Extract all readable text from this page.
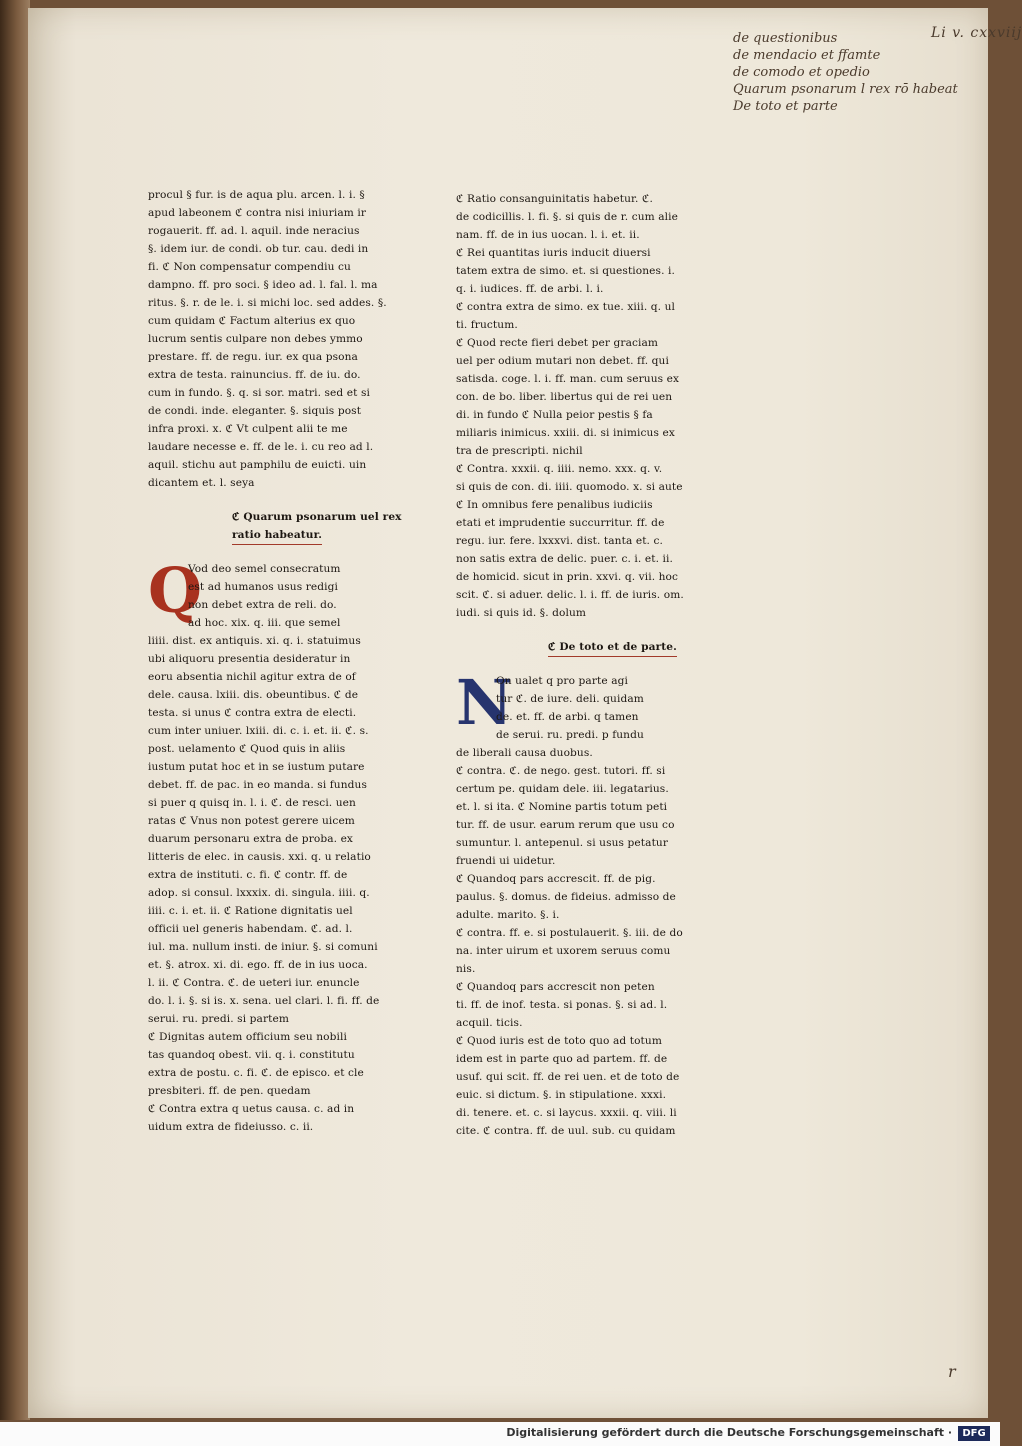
Li v. cxxviij
de questionibus
de mendacio et ffamte
de comodo et opedio
Quarum psonarum l rex rō habeat
De toto et parte
procul § fur. is de aqua plu. arcen. l. i. §
apud labeonem ℭ contra nisi iniuriam ir
rogauerit. ff. ad. l. aquil. inde neracius
§. idem iur. de condi. ob tur. cau. dedi in
fi. ℭ Non compensatur compendiu cu
dampno. ff. pro soci. § ideo ad. l. fal. l. ma
ritus. §. r. de le. i. si michi loc. sed addes. §.
cum quidam ℭ Factum alterius ex quo
lucrum sentis culpare non debes ymmo
prestare. ff. de regu. iur. ex qua psona
extra de testa. rainuncius. ff. de iu. do.
cum in fundo. §. q. si sor. matri. sed et si
de condi. inde. eleganter. §. siquis post
infra proxi. x. ℭ Vt culpent alii te me
laudare necesse e. ff. de le. i. cu reo ad l.
aquil. stichu aut pamphilu de euicti. uin
dicantem et. l. seya
ℭ Quarum psonarum uel rex
ratio habeatur.
Q
Vod deo semel consecratum
est ad humanos usus redigi
non debet extra de reli. do.
ad hoc. xix. q. iii. que semel
liiii. dist. ex antiquis. xi. q. i. statuimus
ubi aliquoru presentia desideratur in
eoru absentia nichil agitur extra de of
dele. causa. lxiii. dis. obeuntibus. ℭ de
testa. si unus ℭ contra extra de electi.
cum inter uniuer. lxiii. di. c. i. et. ii. ℭ. s.
post. uelamento ℭ Quod quis in aliis
iustum putat hoc et in se iustum putare
debet. ff. de pac. in eo manda. si fundus
si puer q quisq in. l. i. ℭ. de resci. uen
ratas ℭ Vnus non potest gerere uicem
duarum personaru extra de proba. ex
litteris de elec. in causis. xxi. q. u relatio
extra de instituti. c. fi. ℭ contr. ff. de
adop. si consul. lxxxix. di. singula. iiii. q.
iiii. c. i. et. ii. ℭ Ratione dignitatis uel
officii uel generis habendam. ℭ. ad. l.
iul. ma. nullum insti. de iniur. §. si comuni
et. §. atrox. xi. di. ego. ff. de in ius uoca.
l. ii. ℭ Contra. ℭ. de ueteri iur. enuncle
do. l. i. §. si is. x. sena. uel clari. l. fi. ff. de
serui. ru. predi. si partem
ℭ Dignitas autem officium seu nobili
tas quandoq obest. vii. q. i. constitutu
extra de postu. c. fi. ℭ. de episco. et cle
presbiteri. ff. de pen. quedam
ℭ Contra extra q uetus causa. c. ad in
uidum extra de fideiusso. c. ii.
ℭ Ratio consanguinitatis habetur. ℭ.
de codicillis. l. fi. §. si quis de r. cum alie
nam. ff. de in ius uocan. l. i. et. ii.
ℭ Rei quantitas iuris inducit diuersi
tatem extra de simo. et. si questiones. i.
q. i. iudices. ff. de arbi. l. i.
ℭ contra extra de simo. ex tue. xiii. q. ul
ti. fructum.
ℭ Quod recte fieri debet per graciam
uel per odium mutari non debet. ff. qui
satisda. coge. l. i. ff. man. cum seruus ex
con. de bo. liber. libertus qui de rei uen
di. in fundo ℭ Nulla peior pestis § fa
miliaris inimicus. xxiii. di. si inimicus ex
tra de prescripti. nichil
ℭ Contra. xxxii. q. iiii. nemo. xxx. q. v.
si quis de con. di. iiii. quomodo. x. si aute
ℭ In omnibus fere penalibus iudiciis
etati et imprudentie succurritur. ff. de
regu. iur. fere. lxxxvi. dist. tanta et. c.
non satis extra de delic. puer. c. i. et. ii.
de homicid. sicut in prin. xxvi. q. vii. hoc
scit. ℭ. si aduer. delic. l. i. ff. de iuris. om.
iudi. si quis id. §. dolum
ℭ De toto et de parte.
N
On ualet q pro parte agi
tur ℭ. de iure. deli. quidam
de. et. ff. de arbi. q tamen
de serui. ru. predi. p fundu
de liberali causa duobus.
ℭ contra. ℭ. de nego. gest. tutori. ff. si
certum pe. quidam dele. iii. legatarius.
et. l. si ita. ℭ Nomine partis totum peti
tur. ff. de usur. earum rerum que usu co
sumuntur. l. antepenul. si usus petatur
fruendi ui uidetur.
ℭ Quandoq pars accrescit. ff. de pig.
paulus. §. domus. de fideius. admisso de
adulte. marito. §. i.
ℭ contra. ff. e. si postulauerit. §. iii. de do
na. inter uirum et uxorem seruus comu
nis.
ℭ Quandoq pars accrescit non peten
ti. ff. de inof. testa. si ponas. §. si ad. l.
acquil. ticis.
ℭ Quod iuris est de toto quo ad totum
idem est in parte quo ad partem. ff. de
usuf. qui scit. ff. de rei uen. et de toto de
euic. si dictum. §. in stipulatione. xxxi.
di. tenere. et. c. si laycus. xxxii. q. viii. li
cite. ℭ contra. ff. de uul. sub. cu quidam
r
Digitalisierung gefördert durch die Deutsche Forschungsgemeinschaft ·	DFG
